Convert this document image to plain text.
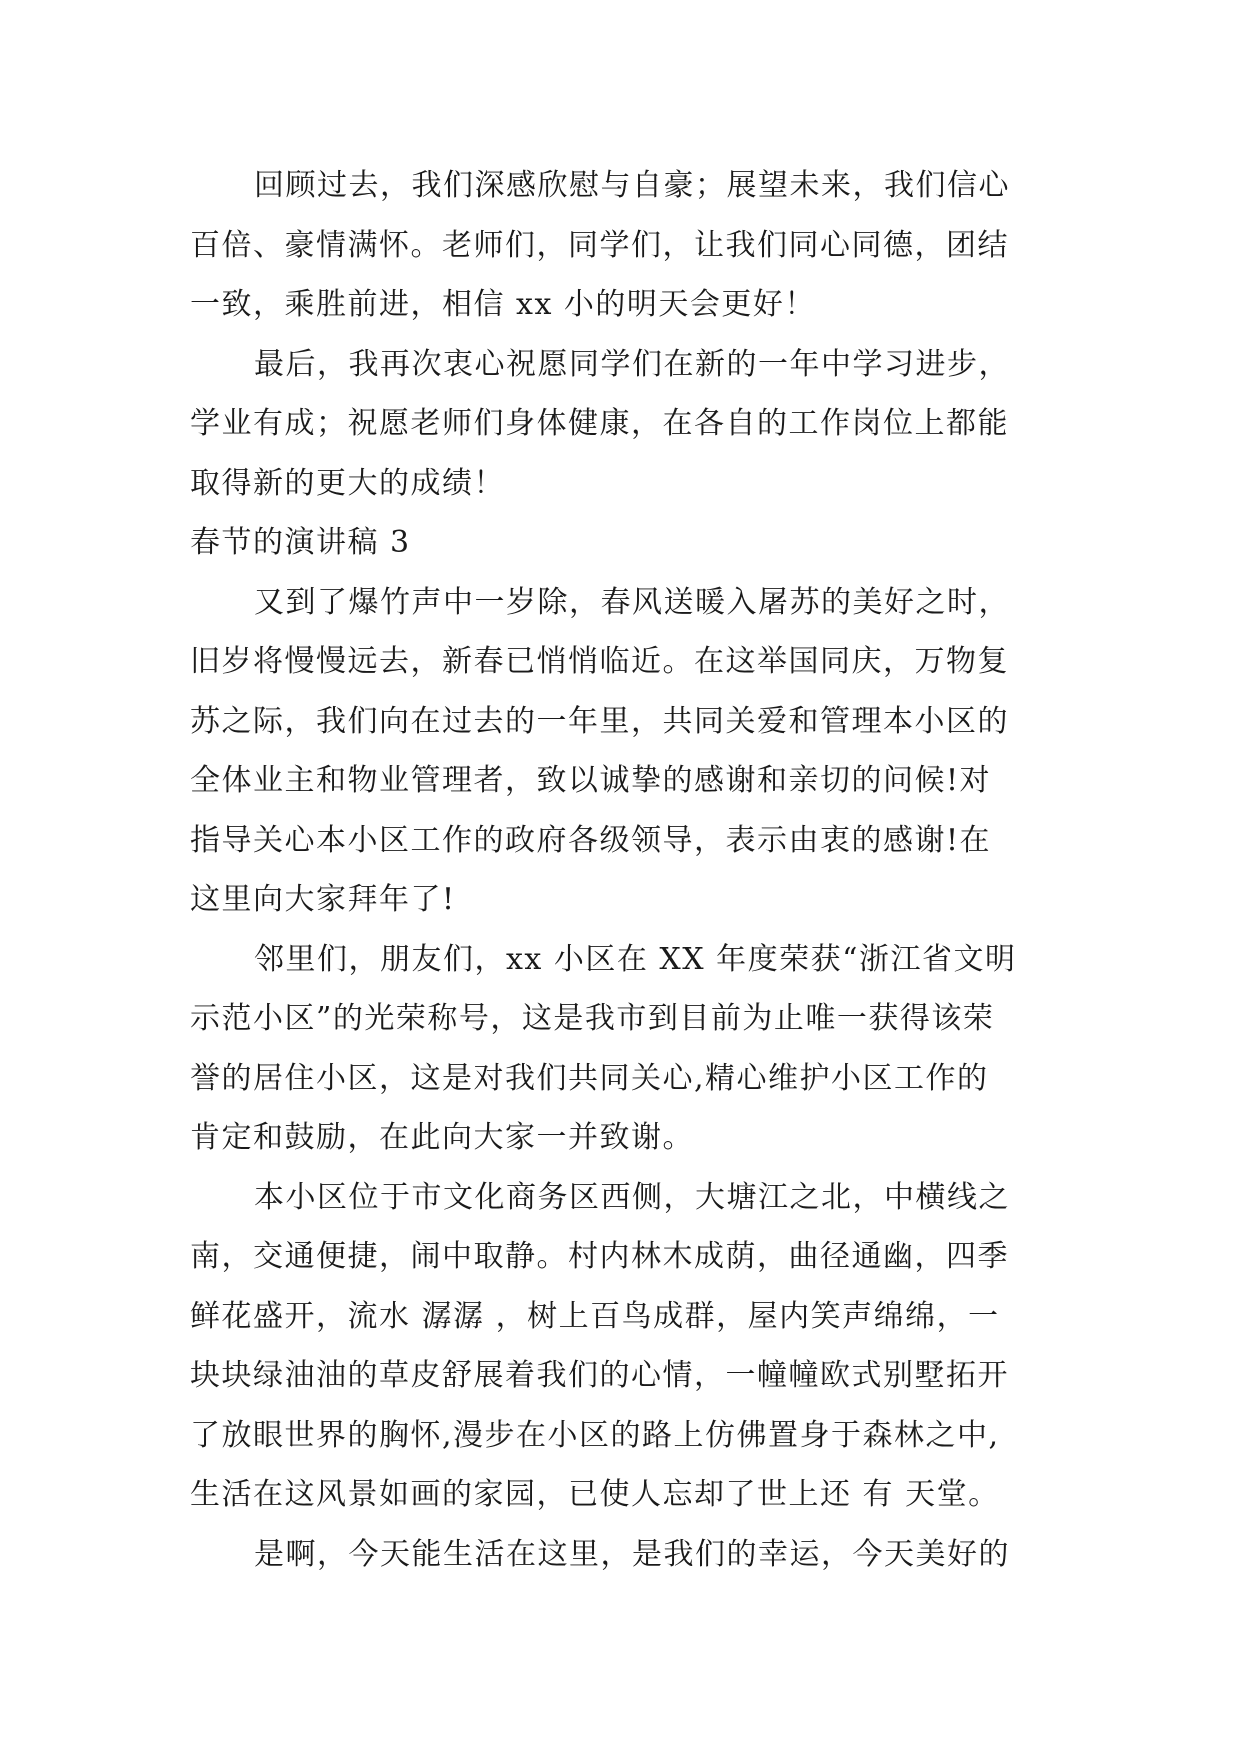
回顾过去，我们深感欣慰与自豪；展望未来，我们信心
百倍、豪情满怀。老师们，同学们，让我们同心同德，团结
一致，乘胜前进，相信 xx 小的明天会更好！
最后，我再次衷心祝愿同学们在新的一年中学习进步，
学业有成；祝愿老师们身体健康，在各自的工作岗位上都能
取得新的更大的成绩！
春节的演讲稿 3
又到了爆竹声中一岁除，春风送暖入屠苏的美好之时，
旧岁将慢慢远去，新春已悄悄临近。在这举国同庆，万物复
苏之际，我们向在过去的一年里，共同关爱和管理本小区的
全体业主和物业管理者，致以诚挚的感谢和亲切的问候!对
指导关心本小区工作的政府各级领导，表示由衷的感谢!在
这里向大家拜年了!
邻里们，朋友们，xx 小区在 XX 年度荣获“浙江省文明
示范小区”的光荣称号，这是我市到目前为止唯一获得该荣
誉的居住小区，这是对我们共同关心,精心维护小区工作的
肯定和鼓励，在此向大家一并致谢。
本小区位于市文化商务区西侧，大塘江之北，中横线之
南，交通便捷，闹中取静。村内林木成荫，曲径通幽，四季
鲜花盛开，流水 潺潺 ，树上百鸟成群，屋内笑声绵绵，一
块块绿油油的草皮舒展着我们的心情，一幢幢欧式别墅拓开
了放眼世界的胸怀,漫步在小区的路上仿佛置身于森林之中,
生活在这风景如画的家园，已使人忘却了世上还 有 天堂。
是啊，今天能生活在这里，是我们的幸运，今天美好的
